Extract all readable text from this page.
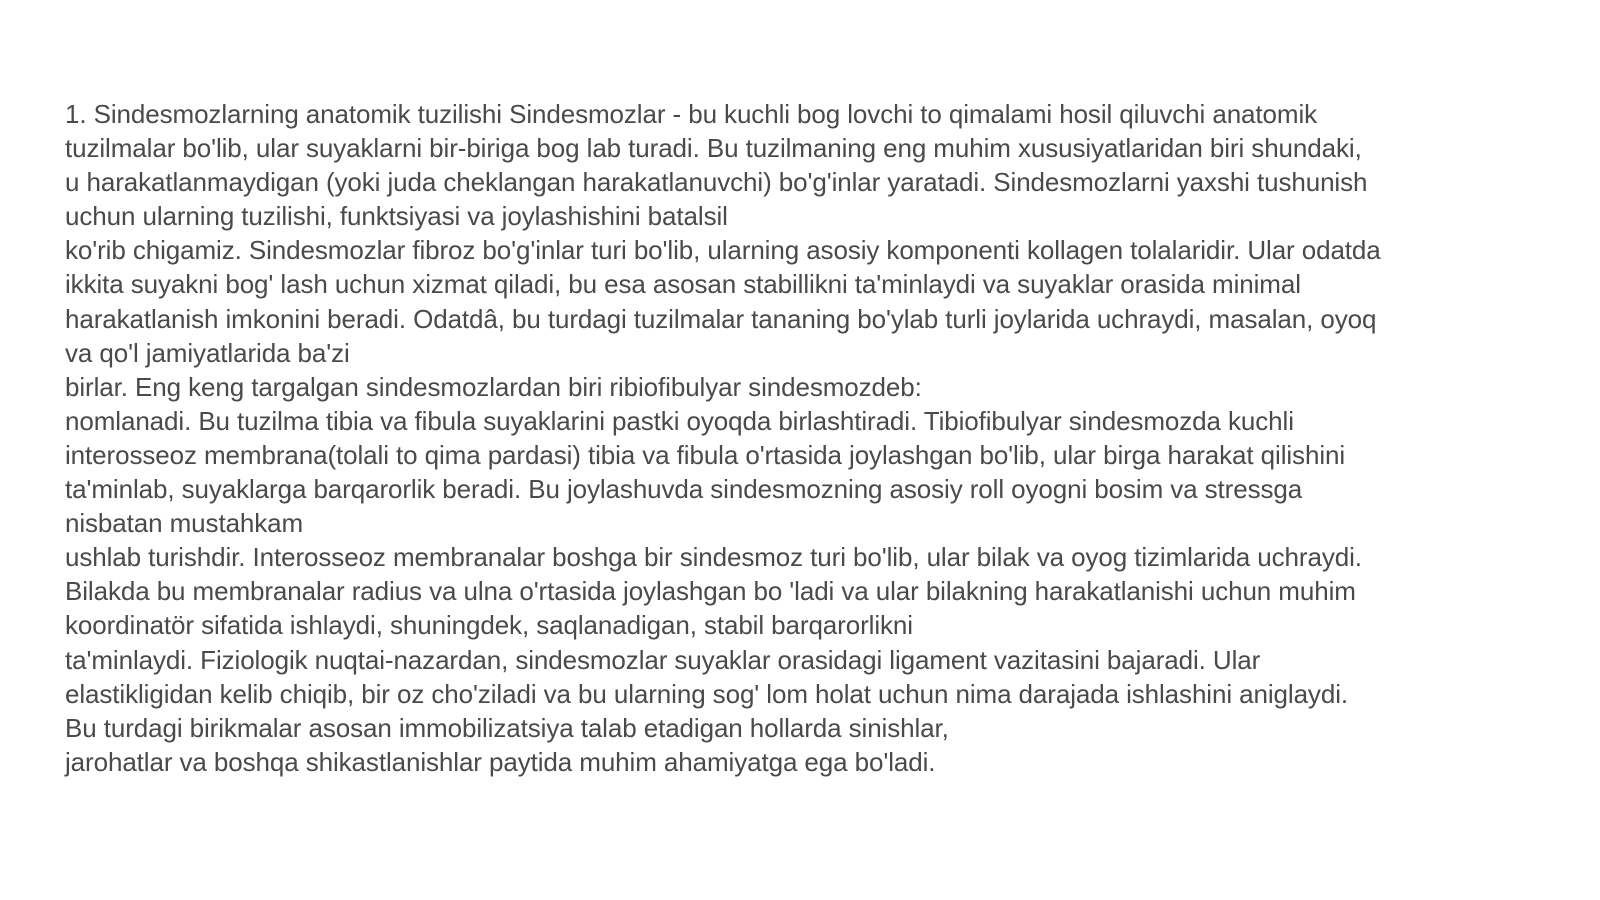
1. Sindesmozlarning anatomik tuzilishi Sindesmozlar - bu kuchli bog lovchi to qimalami hosil qiluvchi anatomik
tuzilmalar bo'lib, ular suyaklarni bir-biriga bog lab turadi. Bu tuzilmaning eng muhim xususiyatlaridan biri shundaki,
u harakatlanmaydigan (yoki juda cheklangan harakatlanuvchi) bo'g'inlar yaratadi. Sindesmozlarni yaxshi tushunish
uchun ularning tuzilishi, funktsiyasi va joylashishini batalsil
ko'rib chigamiz. Sindesmozlar fibroz bo'g'inlar turi bo'lib, ularning asosiy komponenti kollagen tolalaridir. Ular odatda
ikkita suyakni bog' lash uchun xizmat qiladi, bu esa asosan stabillikni ta'minlaydi va suyaklar orasida minimal
harakatlanish imkonini beradi. Odatdâ, bu turdagi tuzilmalar tananing bo'ylab turli joylarida uchraydi, masalan, oyoq
va qo'l jamiyatlarida ba'zi
birlar. Eng keng targalgan sindesmozlardan biri ribiofibulyar sindesmozdeb:
nomlanadi. Bu tuzilma tibia va fibula suyaklarini pastki oyoqda birlashtiradi. Tibiofibulyar sindesmozda kuchli
interosseoz membrana(tolali to qima pardasi) tibia va fibula o'rtasida joylashgan bo'lib, ular birga harakat qilishini
ta'minlab, suyaklarga barqarorlik beradi. Bu joylashuvda sindesmozning asosiy roll oyogni bosim va stressga
nisbatan mustahkam
ushlab turishdir. Interosseoz membranalar boshga bir sindesmoz turi bo'lib, ular bilak va oyog tizimlarida uchraydi.
Bilakda bu membranalar radius va ulna o'rtasida joylashgan bo 'ladi va ular bilakning harakatlanishi uchun muhim
koordinatör sifatida ishlaydi, shuningdek, saqlanadigan, stabil barqarorlikni
ta'minlaydi. Fiziologik nuqtai-nazardan, sindesmozlar suyaklar orasidagi ligament vazitasini bajaradi. Ular
elastikligidan kelib chiqib, bir oz cho'ziladi va bu ularning sog' lom holat uchun nima darajada ishlashini aniglaydi.
Bu turdagi birikmalar asosan immobilizatsiya talab etadigan hollarda sinishlar,
jarohatlar va boshqa shikastlanishlar paytida muhim ahamiyatga ega bo'ladi.
